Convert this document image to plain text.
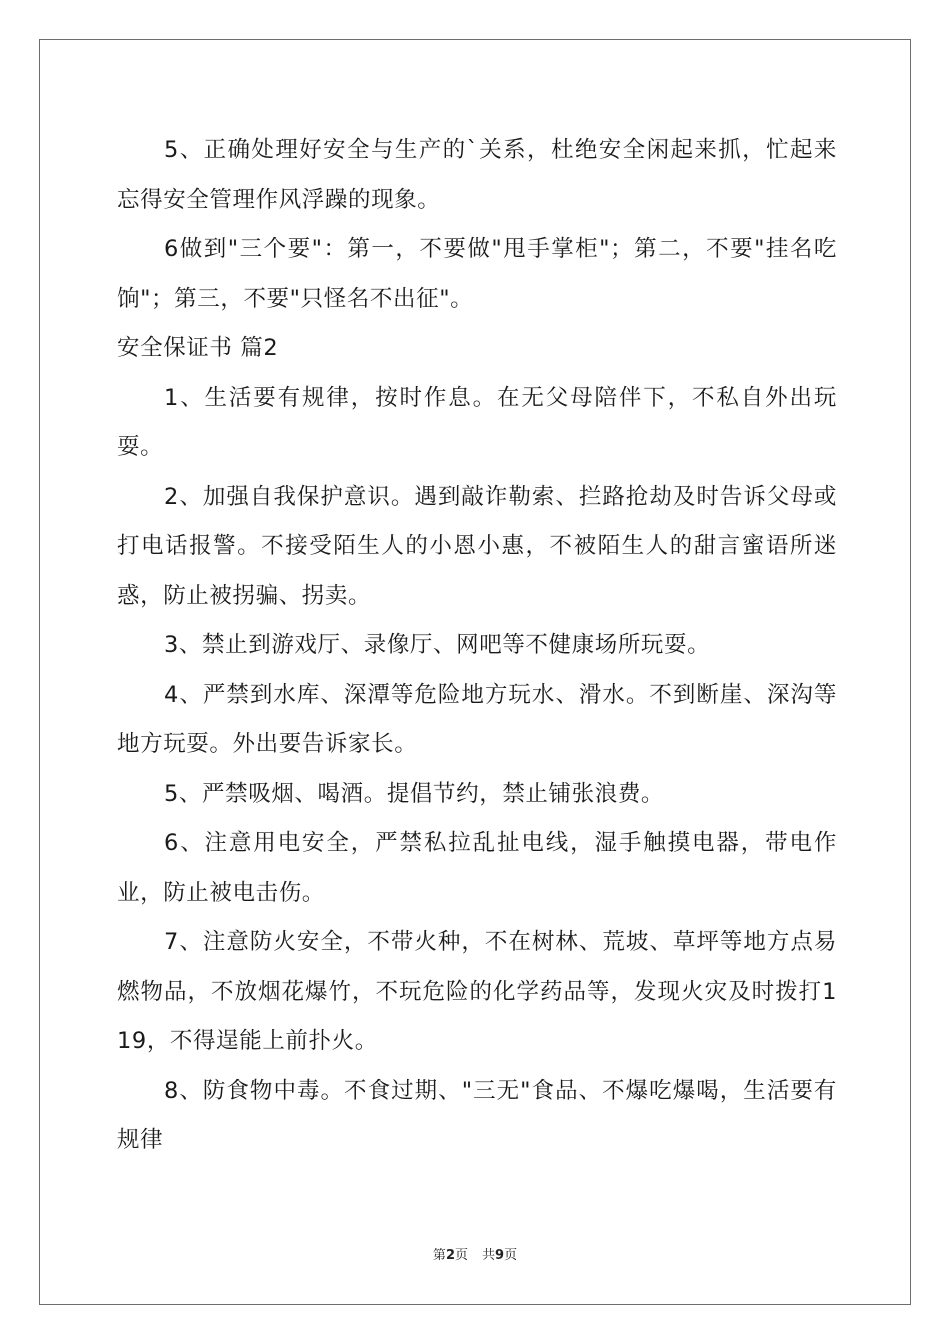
5、正确处理好安全与生产的`关系，杜绝安全闲起来抓，忙起来忘得安全管理作风浮躁的现象。

6做到"三个要"：第一，不要做"甩手掌柜"；第二，不要"挂名吃饷"；第三，不要"只怪名不出征"。

安全保证书 篇2

1、生活要有规律，按时作息。在无父母陪伴下，不私自外出玩耍。

2、加强自我保护意识。遇到敲诈勒索、拦路抢劫及时告诉父母或打电话报警。不接受陌生人的小恩小惠，不被陌生人的甜言蜜语所迷惑，防止被拐骗、拐卖。

3、禁止到游戏厅、录像厅、网吧等不健康场所玩耍。

4、严禁到水库、深潭等危险地方玩水、滑水。不到断崖、深沟等地方玩耍。外出要告诉家长。

5、严禁吸烟、喝酒。提倡节约，禁止铺张浪费。

6、注意用电安全，严禁私拉乱扯电线，湿手触摸电器，带电作业，防止被电击伤。

7、注意防火安全，不带火种，不在树林、荒坡、草坪等地方点易燃物品，不放烟花爆竹，不玩危险的化学药品等，发现火灾及时拨打119，不得逞能上前扑火。

8、防食物中毒。不食过期、"三无"食品、不爆吃爆喝，生活要有规律

第2页 共9页
